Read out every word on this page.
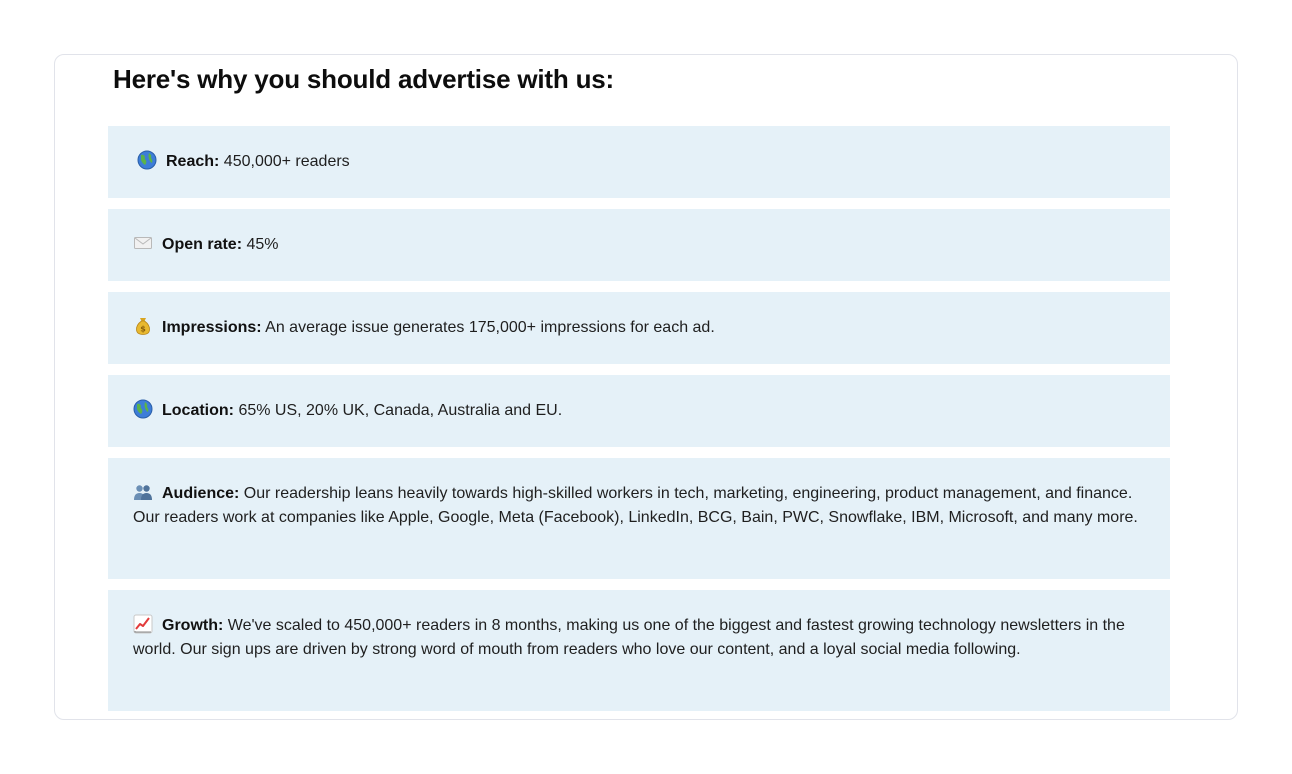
Here's why you should advertise with us:
Reach: 450,000+ readers
Open rate: 45%
$ Impressions: An average issue generates 175,000+ impressions for each ad.
Location: 65% US, 20% UK, Canada, Australia and EU.
Audience: Our readership leans heavily towards high-skilled workers in tech, marketing, engineering, product management, and finance. Our readers work at companies like Apple, Google, Meta (Facebook), LinkedIn, BCG, Bain, PWC, Snowflake, IBM, Microsoft, and many more.
Growth: We've scaled to 450,000+ readers in 8 months, making us one of the biggest and fastest growing technology newsletters in the world. Our sign ups are driven by strong word of mouth from readers who love our content, and a loyal social media following.
